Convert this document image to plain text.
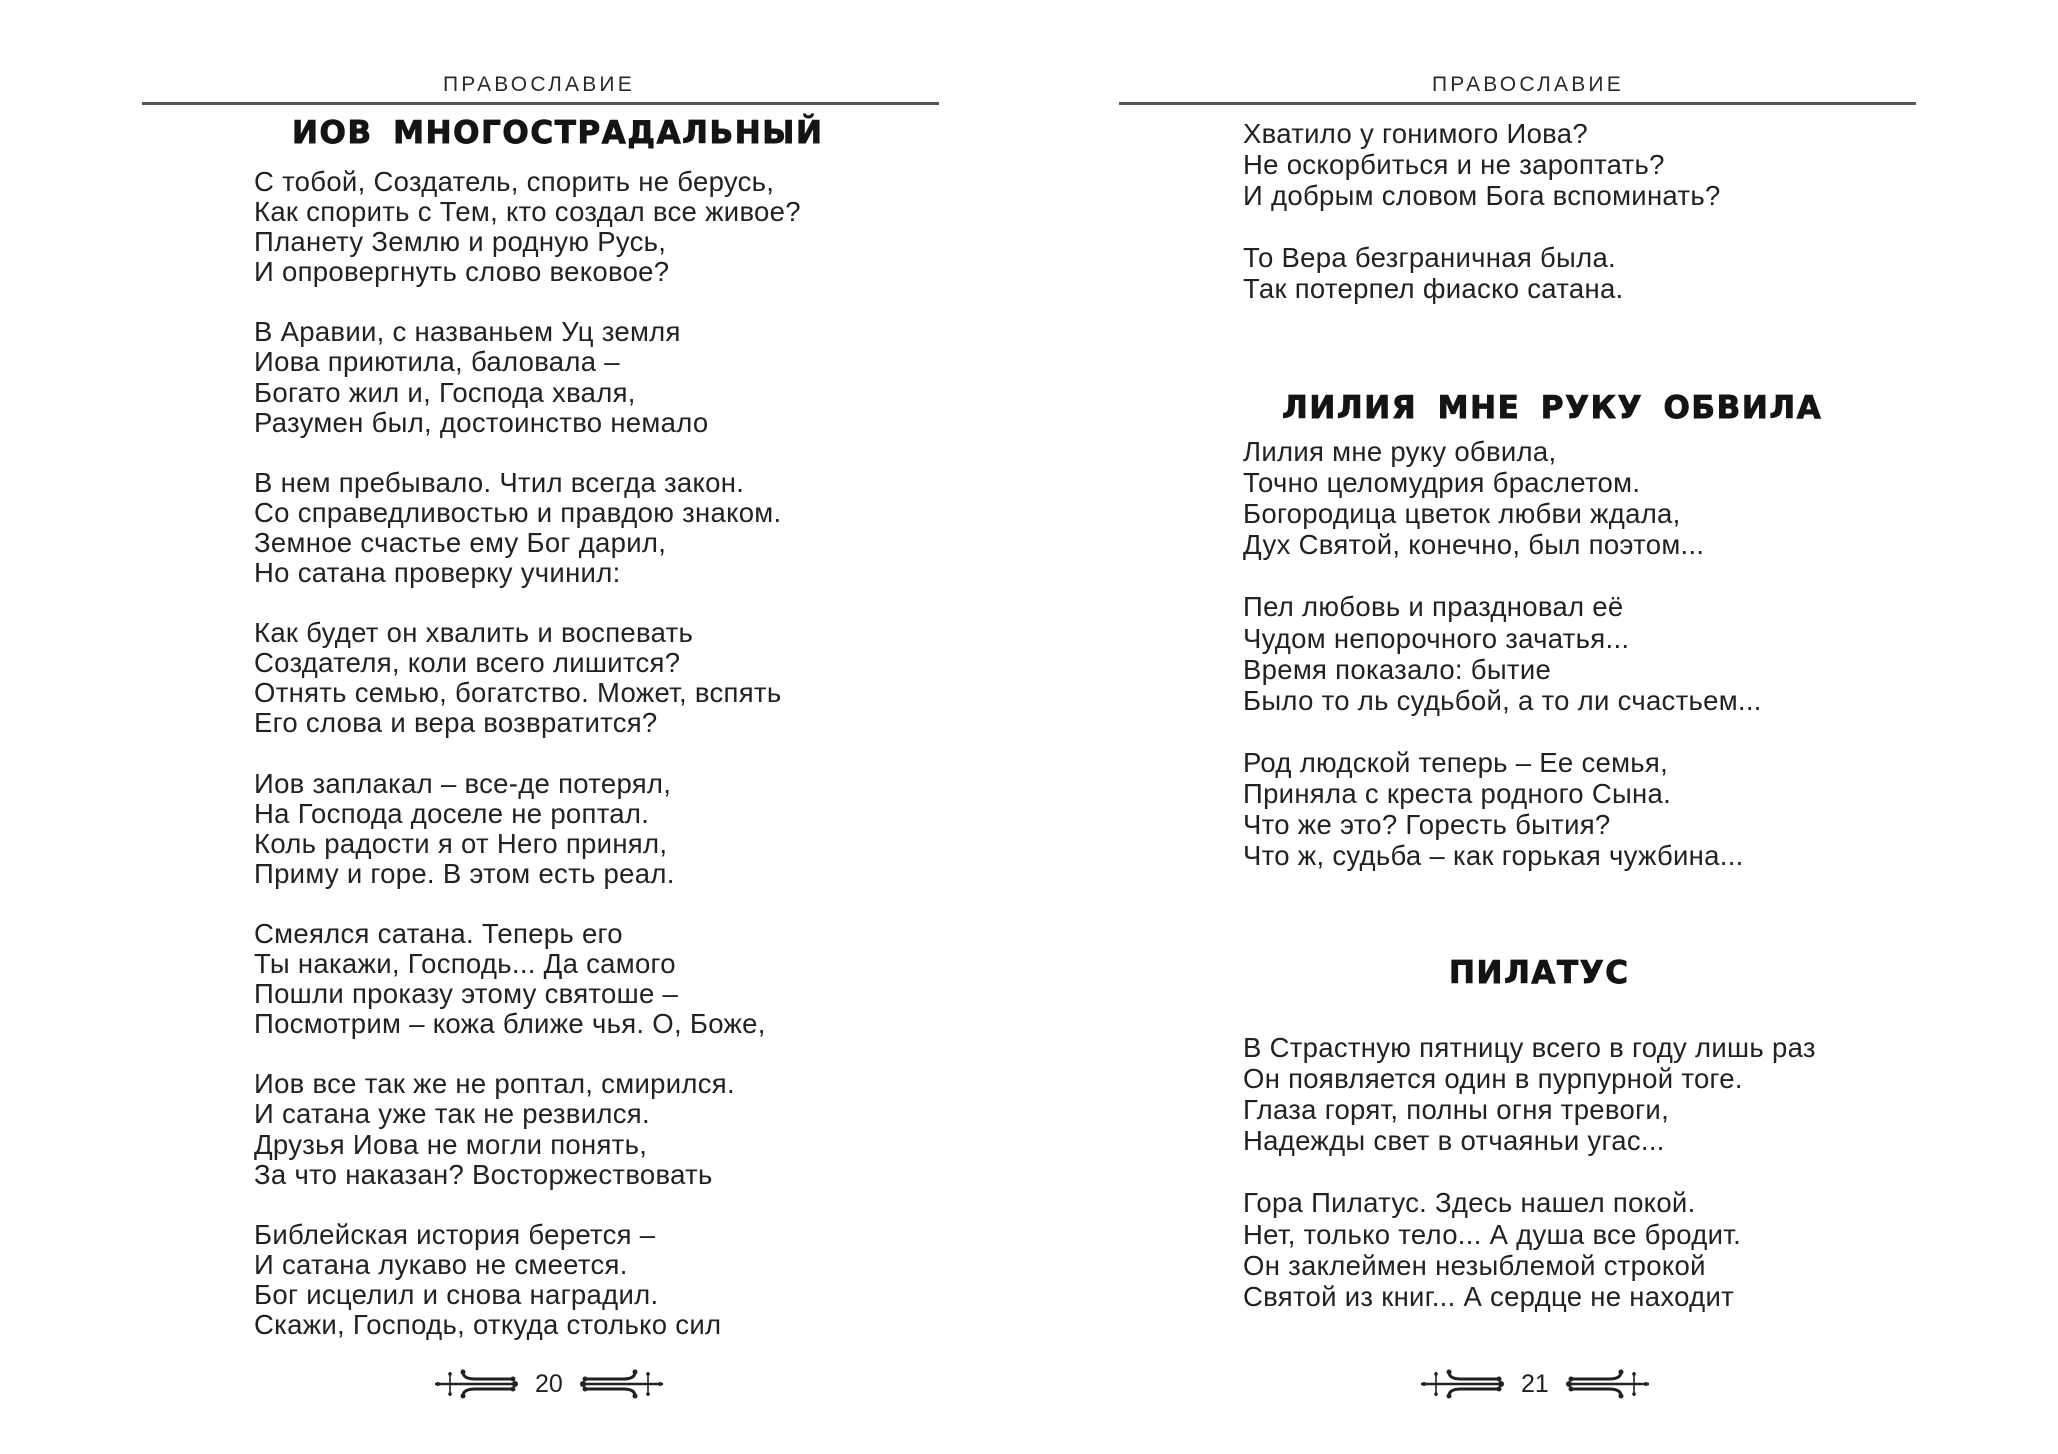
ПРАВОСЛАВИЕ
ИОВ МНОГОСТРАДАЛЬНЫЙ
С тобой, Создатель, спорить не берусь,
Как спорить с Тем, кто создал все живое?
Планету Землю и родную Русь,
И опровергнуть слово вековое?
В Аравии, с названьем Уц земля
Иова приютила, баловала –
Богато жил и, Господа хваля,
Разумен был, достоинство немало
В нем пребывало. Чтил всегда закон.
Со справедливостью и правдою знаком.
Земное счастье ему Бог дарил,
Но сатана проверку учинил:
Как будет он хвалить и воспевать
Создателя, коли всего лишится?
Отнять семью, богатство. Может, вспять
Его слова и вера возвратится?
Иов заплакал – все-де потерял,
На Господа доселе не роптал.
Коль радости я от Него принял,
Приму и горе. В этом есть реал.
Смеялся сатана. Теперь его
Ты накажи, Господь... Да самого
Пошли проказу этому святоше –
Посмотрим – кожа ближе чья. О, Боже,
Иов все так же не роптал, смирился.
И сатана уже так не резвился.
Друзья Иова не могли понять,
За что наказан? Восторжествовать
Библейская история берется –
И сатана лукаво не смеется.
Бог исцелил и снова наградил.
Скажи, Господь, откуда столько сил
20
ПРАВОСЛАВИЕ
Хватило у гонимого Иова?
Не оскорбиться и не зароптать?
И добрым словом Бога вспоминать?
То Вера безграничная была.
Так потерпел фиаско сатана.
ЛИЛИЯ МНЕ РУКУ ОБВИЛА
Лилия мне руку обвила,
Точно целомудрия браслетом.
Богородица цветок любви ждала,
Дух Святой, конечно, был поэтом...
Пел любовь и праздновал её
Чудом непорочного зачатья...
Время показало: бытие
Было то ль судьбой, а то ли счастьем...
Род людской теперь – Ее семья,
Приняла с креста родного Сына.
Что же это? Горесть бытия?
Что ж, судьба – как горькая чужбина...
ПИЛАТУС
В Страстную пятницу всего в году лишь раз
Он появляется один в пурпурной тоге.
Глаза горят, полны огня тревоги,
Надежды свет в отчаяньи угас...
Гора Пилатус. Здесь нашел покой.
Нет, только тело... А душа все бродит.
Он заклеймен незыблемой строкой
Святой из книг... А сердце не находит
21
